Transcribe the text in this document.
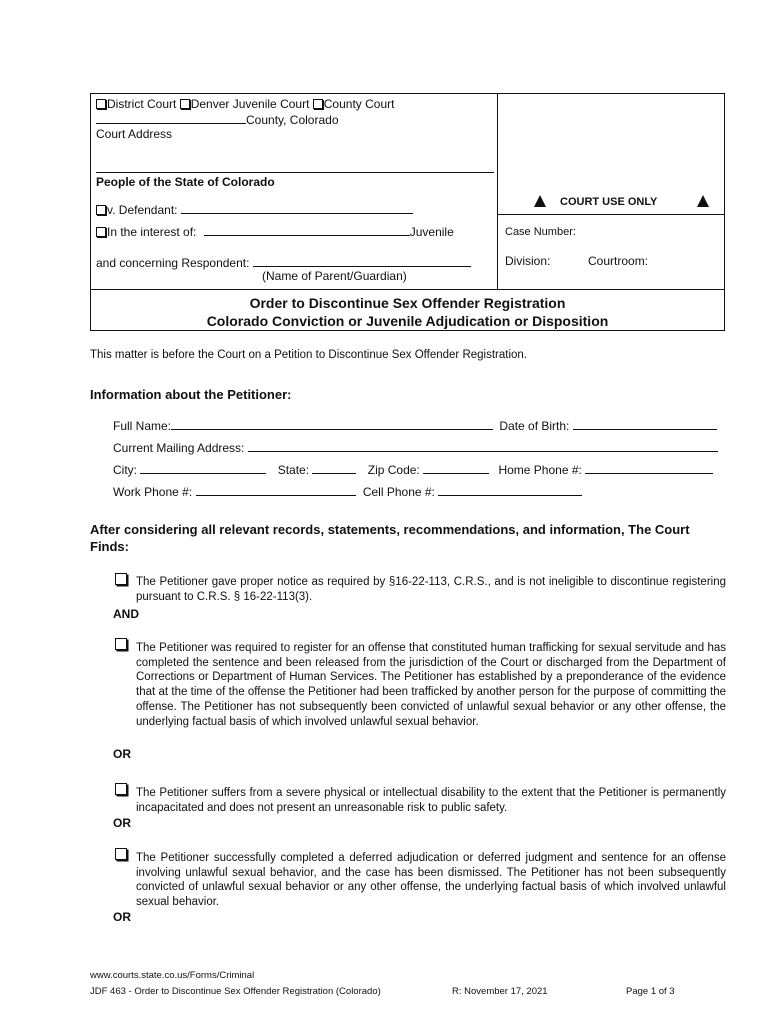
District Court Denver Juvenile Court County Court
County, Colorado
Court Address
People of the State of Colorado
v. Defendant:
In the interest of:	Juvenile
and concerning Respondent:
(Name of Parent/Guardian)
COURT USE ONLY
Case Number:
Division:	Courtroom:
Order to Discontinue Sex Offender Registration
Colorado Conviction or Juvenile Adjudication or Disposition
This matter is before the Court on a Petition to Discontinue Sex Offender Registration.
Information about the Petitioner:
Full Name:	Date of Birth:
Current Mailing Address:
City:	State:	Zip Code:	Home Phone #:
Work Phone #:	Cell Phone #:
After considering all relevant records, statements, recommendations, and information, The Court
Finds:
The Petitioner gave proper notice as required by §16-22-113, C.R.S., and is not ineligible to discontinue registering pursuant to C.R.S. § 16-22-113(3).
AND
The Petitioner was required to register for an offense that constituted human trafficking for sexual servitude and has completed the sentence and been released from the jurisdiction of the Court or discharged from the Department of Corrections or Department of Human Services. The Petitioner has established by a preponderance of the evidence that at the time of the offense the Petitioner had been trafficked by another person for the purpose of committing the offense. The Petitioner has not subsequently been convicted of unlawful sexual behavior or any other offense, the underlying factual basis of which involved unlawful sexual behavior.
OR
The Petitioner suffers from a severe physical or intellectual disability to the extent that the Petitioner is permanently incapacitated and does not present an unreasonable risk to public safety.
OR
The Petitioner successfully completed a deferred adjudication or deferred judgment and sentence for an offense involving unlawful sexual behavior, and the case has been dismissed. The Petitioner has not been subsequently convicted of unlawful sexual behavior or any other offense, the underlying factual basis of which involved unlawful sexual behavior.
OR
www.courts.state.co.us/Forms/Criminal
JDF 463 - Order to Discontinue Sex Offender Registration (Colorado)	R: November 17, 2021	Page 1 of 3
